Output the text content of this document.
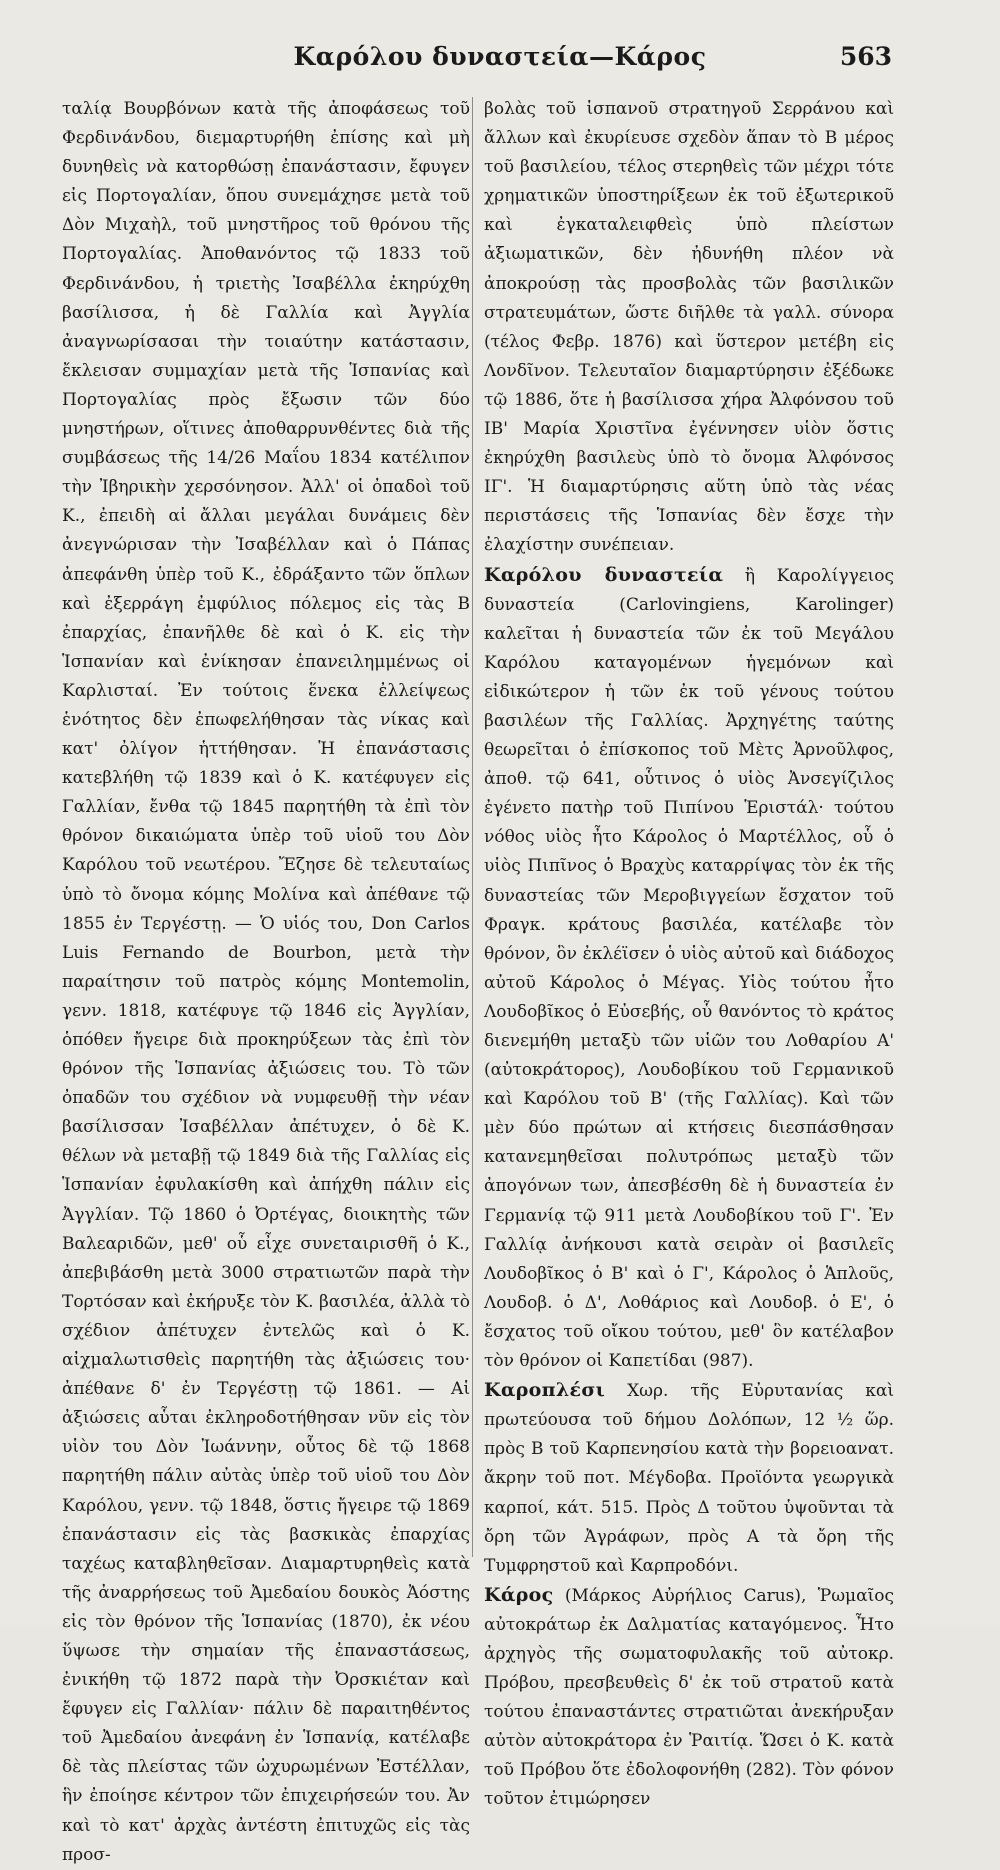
Καρόλου δυναστεία—Κάρος	563

ταλίᾳ Βουρβόνων κατὰ τῆς ἀποφάσεως τοῦ Φερδινάνδου, διεμαρτυρήθη ἐπίσης καὶ μὴ δυνηθεὶς νὰ κατορθώσῃ ἐπανάστασιν, ἔφυγεν εἰς Πορτογαλίαν, ὅπου συνεμάχησε μετὰ τοῦ Δὸν Μιχαὴλ, τοῦ μνηστῆρος τοῦ θρόνου τῆς Πορτογαλίας. Ἀποθανόντος τῷ 1833 τοῦ Φερδινάνδου, ἡ τριετὴς Ἰσαβέλλα ἐκηρύχθη βασίλισσα, ἡ δὲ Γαλλία καὶ Ἀγγλία ἀναγνωρίσασαι τὴν τοιαύτην κατάστασιν, ἔκλεισαν συμμαχίαν μετὰ τῆς Ἱσπανίας καὶ Πορτογαλίας πρὸς ἔξωσιν τῶν δύο μνηστήρων, οἵτινες ἀποθαρρυνθέντες διὰ τῆς συμβάσεως τῆς 14/26 Μαΐου 1834 κατέλιπον τὴν Ἰβηρικὴν χερσόνησον. Ἀλλ' οἱ ὀπαδοὶ τοῦ Κ., ἐπειδὴ αἱ ἄλλαι μεγάλαι δυνάμεις δὲν ἀνεγνώρισαν τὴν Ἰσαβέλλαν καὶ ὁ Πάπας ἀπεφάνθη ὑπὲρ τοῦ Κ., ἐδράξαντο τῶν ὅπλων καὶ ἐξερράγη ἐμφύλιος πόλεμος εἰς τὰς Β ἐπαρχίας, ἐπανῆλθε δὲ καὶ ὁ Κ. εἰς τὴν Ἱσπανίαν καὶ ἐνίκησαν ἐπανειλημμένως οἱ Καρλισταί. Ἐν τούτοις ἕνεκα ἐλλείψεως ἑνότητος δὲν ἐπωφελήθησαν τὰς νίκας καὶ κατ' ὀλίγον ἡττήθησαν. Ἡ ἐπανάστασις κατεβλήθη τῷ 1839 καὶ ὁ Κ. κατέφυγεν εἰς Γαλλίαν, ἔνθα τῷ 1845 παρητήθη τὰ ἐπὶ τὸν θρόνον δικαιώματα ὑπὲρ τοῦ υἱοῦ του Δὸν Καρόλου τοῦ νεωτέρου. Ἔζησε δὲ τελευταίως ὑπὸ τὸ ὄνομα κόμης Μολίνα καὶ ἀπέθανε τῷ 1855 ἐν Τεργέστῃ. — Ὁ υἱός του, Don Carlos Luis Fernando de Bourbon, μετὰ τὴν παραίτησιν τοῦ πατρὸς κόμης Montemolin, γενν. 1818, κατέφυγε τῷ 1846 εἰς Ἀγγλίαν, ὁπόθεν ἤγειρε διὰ προκηρύξεων τὰς ἐπὶ τὸν θρόνον τῆς Ἱσπανίας ἀξιώσεις του. Τὸ τῶν ὀπαδῶν του σχέδιον νὰ νυμφευθῇ τὴν νέαν βασίλισσαν Ἰσαβέλλαν ἀπέτυχεν, ὁ δὲ Κ. θέλων νὰ μεταβῇ τῷ 1849 διὰ τῆς Γαλλίας εἰς Ἱσπανίαν ἐφυλακίσθη καὶ ἀπήχθη πάλιν εἰς Ἀγγλίαν. Τῷ 1860 ὁ Ὀρτέγας, διοικητὴς τῶν Βαλεαριδῶν, μεθ' οὗ εἶχε συνεταιρισθῆ ὁ Κ., ἀπεβιβάσθη μετὰ 3000 στρατιωτῶν παρὰ τὴν Τορτόσαν καὶ ἐκήρυξε τὸν Κ. βασιλέα, ἀλλὰ τὸ σχέδιον ἀπέτυχεν ἐντελῶς καὶ ὁ Κ. αἰχμαλωτισθεὶς παρητήθη τὰς ἀξιώσεις του· ἀπέθανε δ' ἐν Τεργέστῃ τῷ 1861. — Αἱ ἀξιώσεις αὗται ἐκληροδοτήθησαν νῦν εἰς τὸν υἱὸν του Δὸν Ἰωάννην, οὗτος δὲ τῷ 1868 παρητήθη πάλιν αὐτὰς ὑπὲρ τοῦ υἱοῦ του Δὸν Καρόλου, γενν. τῷ 1848, ὅστις ἤγειρε τῷ 1869 ἐπανάστασιν εἰς τὰς βασκικὰς ἐπαρχίας ταχέως καταβληθεῖσαν. Διαμαρτυρηθεὶς κατὰ τῆς ἀναρρήσεως τοῦ Ἀμεδαίου δουκὸς Ἀόστης εἰς τὸν θρόνον τῆς Ἱσπανίας (1870), ἐκ νέου ὕψωσε τὴν σημαίαν τῆς ἐπαναστάσεως, ἐνικήθη τῷ 1872 παρὰ τὴν Ὀρσκιέταν καὶ ἔφυγεν εἰς Γαλλίαν· πάλιν δὲ παραιτηθέντος τοῦ Ἀμεδαίου ἀνεφάνη ἐν Ἱσπανίᾳ, κατέλαβε δὲ τὰς πλείστας τῶν ὠχυρωμένων Ἐστέλλαν, ἣν ἐποίησε κέντρον τῶν ἐπιχειρήσεών του. Ἀν καὶ τὸ κατ' ἀρχὰς ἀντέστη ἐπιτυχῶς εἰς τὰς προσ-

βολὰς τοῦ ἱσπανοῦ στρατηγοῦ Σερράνου καὶ ἄλλων καὶ ἐκυρίευσε σχεδὸν ἅπαν τὸ Β μέρος τοῦ βασιλείου, τέλος στερηθεὶς τῶν μέχρι τότε χρηματικῶν ὑποστηρίξεων ἐκ τοῦ ἐξωτερικοῦ καὶ ἐγκαταλειφθεὶς ὑπὸ πλείστων ἀξιωματικῶν, δὲν ἠδυνήθη πλέον νὰ ἀποκρούσῃ τὰς προσβολὰς τῶν βασιλικῶν στρατευμάτων, ὥστε διῆλθε τὰ γαλλ. σύνορα (τέλος Φεβρ. 1876) καὶ ὕστερον μετέβη εἰς Λονδῖνον. Τελευταῖον διαμαρτύρησιν ἐξέδωκε τῷ 1886, ὅτε ἡ βασίλισσα χήρα Ἀλφόνσου τοῦ ΙΒ' Μαρία Χριστῖνα ἐγέννησεν υἱὸν ὅστις ἐκηρύχθη βασιλεὺς ὑπὸ τὸ ὄνομα Ἀλφόνσος ΙΓ'. Ἡ διαμαρτύρησις αὕτη ὑπὸ τὰς νέας περιστάσεις τῆς Ἱσπανίας δὲν ἔσχε τὴν ἐλαχίστην συνέπειαν.

Καρόλου δυναστεία ἢ Καρολίγγειος δυναστεία (Carlovingiens, Karolinger) καλεῖται ἡ δυναστεία τῶν ἐκ τοῦ Μεγάλου Καρόλου καταγομένων ἡγεμόνων καὶ εἰδικώτερον ἡ τῶν ἐκ τοῦ γένους τούτου βασιλέων τῆς Γαλλίας. Ἀρχηγέτης ταύτης θεωρεῖται ὁ ἐπίσκοπος τοῦ Μὲτς Ἀρνοῦλφος, ἀποθ. τῷ 641, οὗτινος ὁ υἱὸς Ἀνσεγίζιλος ἐγένετο πατὴρ τοῦ Πιπίνου Ἑριστάλ· τούτου νόθος υἱὸς ἦτο Κάρολος ὁ Μαρτέλλος, οὗ ὁ υἱὸς Πιπῖνος ὁ Βραχὺς καταρρίψας τὸν ἐκ τῆς δυναστείας τῶν Μεροβιγγείων ἔσχατον τοῦ Φραγκ. κράτους βασιλέα, κατέλαβε τὸν θρόνον, ὃν ἐκλέϊσεν ὁ υἱὸς αὐτοῦ καὶ διάδοχος αὐτοῦ Κάρολος ὁ Μέγας. Υἱὸς τούτου ἦτο Λουδοβῖκος ὁ Εὐσεβής, οὗ θανόντος τὸ κράτος διενεμήθη μεταξὺ τῶν υἱῶν του Λοθαρίου Α' (αὐτοκράτορος), Λουδοβίκου τοῦ Γερμανικοῦ καὶ Καρόλου τοῦ Β' (τῆς Γαλλίας). Καὶ τῶν μὲν δύο πρώτων αἱ κτήσεις διεσπάσθησαν κατανεμηθεῖσαι πολυτρόπως μεταξὺ τῶν ἀπογόνων των, ἀπεσβέσθη δὲ ἡ δυναστεία ἐν Γερμανίᾳ τῷ 911 μετὰ Λουδοβίκου τοῦ Γ'. Ἐν Γαλλίᾳ ἀνήκουσι κατὰ σειρὰν οἱ βασιλεῖς Λουδοβῖκος ὁ Β' καὶ ὁ Γ', Κάρολος ὁ Ἁπλοῦς, Λουδοβ. ὁ Δ', Λοθάριος καὶ Λουδοβ. ὁ Ε', ὁ ἔσχατος τοῦ οἴκου τούτου, μεθ' ὃν κατέλαβον τὸν θρόνον οἱ Καπετίδαι (987).

Καροπλέσι Χωρ. τῆς Εὐρυτανίας καὶ πρωτεύουσα τοῦ δήμου Δολόπων, 12 ½ ὥρ. πρὸς Β τοῦ Καρπενησίου κατὰ τὴν βορειοανατ. ἄκρην τοῦ ποτ. Μέγδοβα. Προϊόντα γεωργικὰ καρποί, κάτ. 515. Πρὸς Δ τοῦτου ὑψοῦνται τὰ ὄρη τῶν Ἀγράφων, πρὸς Α τὰ ὄρη τῆς Τυμφρηστοῦ καὶ Καρπροδόνι.

Κάρος (Μάρκος Αὐρήλιος Carus), Ῥωμαῖος αὐτοκράτωρ ἐκ Δαλματίας καταγόμενος. Ἦτο ἀρχηγὸς τῆς σωματοφυλακῆς τοῦ αὐτοκρ. Πρόβου, πρεσβευθεὶς δ' ἐκ τοῦ στρατοῦ κατὰ τούτου ἐπαναστάντες στρατιῶται ἀνεκήρυξαν αὐτὸν αὐτοκράτορα ἐν Ῥαιτίᾳ. Ὥσει ὁ Κ. κατὰ τοῦ Πρόβου ὅτε ἐδολοφονήθη (282). Τὸν φόνον τοῦτον ἐτιμώρησεν
